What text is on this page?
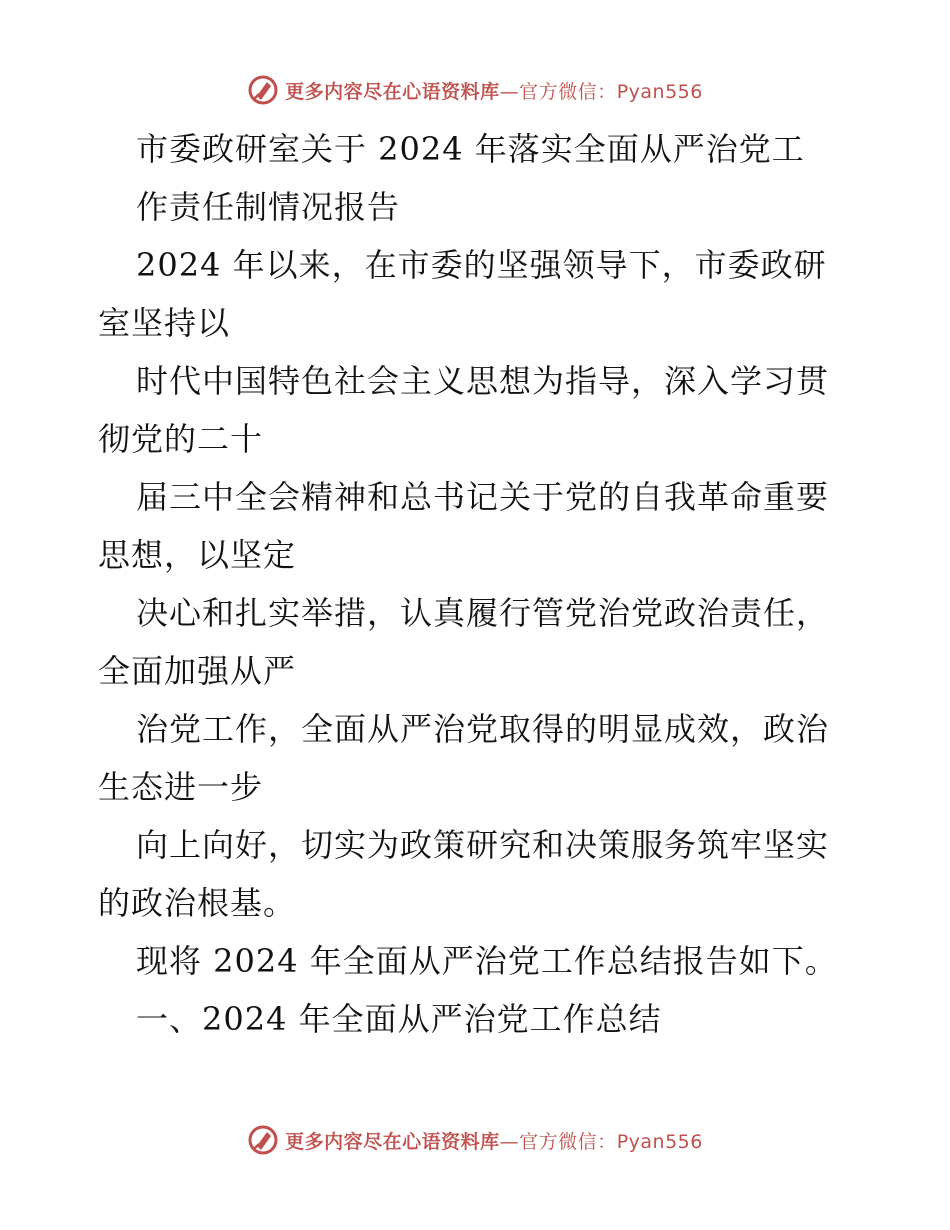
更多内容尽在心语资料库—官方微信：Pyan556
市委政研室关于 2024 年落实全面从严治党工
作责任制情况报告
2024 年以来，在市委的坚强领导下，市委政研
室坚持以
时代中国特色社会主义思想为指导，深入学习贯
彻党的二十
届三中全会精神和总书记关于党的自我革命重要
思想，以坚定
决心和扎实举措，认真履行管党治党政治责任，
全面加强从严
治党工作，全面从严治党取得的明显成效，政治
生态进一步
向上向好，切实为政策研究和决策服务筑牢坚实
的政治根基。
现将 2024 年全面从严治党工作总结报告如下。
一、2024 年全面从严治党工作总结
更多内容尽在心语资料库—官方微信：Pyan556
